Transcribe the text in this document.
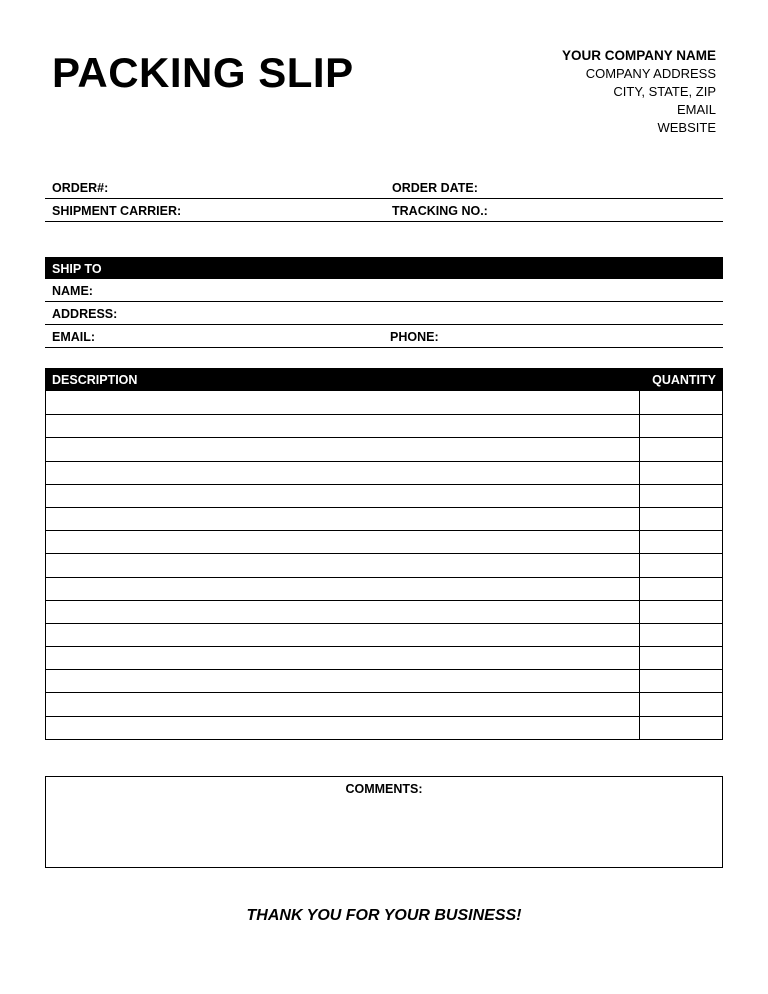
PACKING SLIP	YOUR COMPANY NAME
COMPANY ADDRESS
CITY, STATE, ZIP
EMAIL
WEBSITE
ORDER#:	ORDER DATE:
SHIPMENT CARRIER:	TRACKING NO.:
SHIP TO
NAME:
ADDRESS:
EMAIL:	PHONE:
DESCRIPTION	QUANTITY
COMMENTS:
THANK YOU FOR YOUR BUSINESS!
